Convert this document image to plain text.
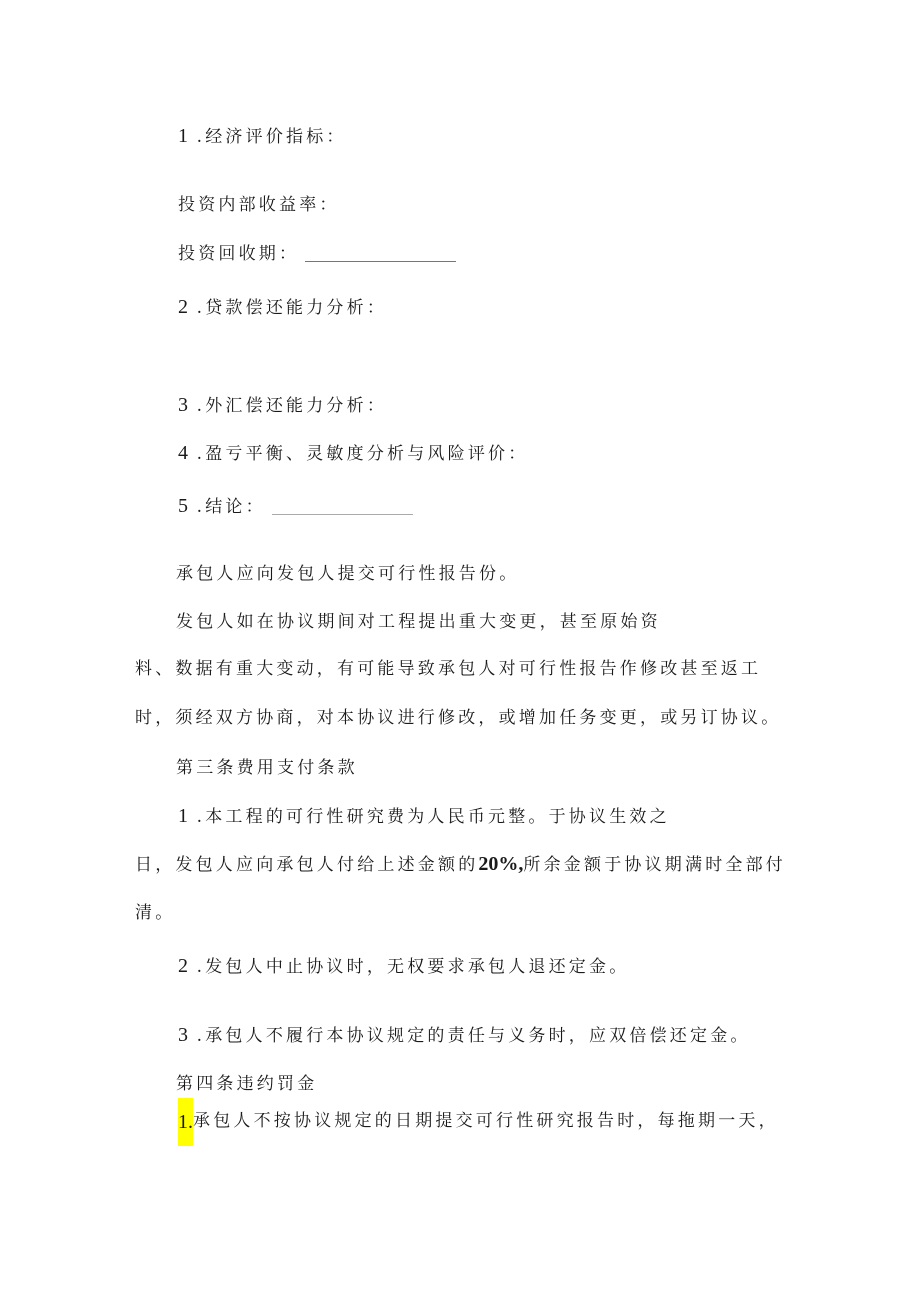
1 .经济评价指标：
投资内部收益率：
投资回收期：
2 .贷款偿还能力分析：
3 .外汇偿还能力分析：
4 .盈亏平衡、灵敏度分析与风险评价：
5 .结论：
承包人应向发包人提交可行性报告份。
发包人如在协议期间对工程提出重大变更，甚至原始资
料、数据有重大变动，有可能导致承包人对可行性报告作修改甚至返工
时，须经双方协商，对本协议进行修改，或增加任务变更，或另订协议。
第三条费用支付条款
1 .本工程的可行性研究费为人民币元整。于协议生效之
日，发包人应向承包人付给上述金额的20%,所余金额于协议期满时全部付
清。
2 .发包人中止协议时，无权要求承包人退还定金。
3 .承包人不履行本协议规定的责任与义务时，应双倍偿还定金。
第四条违约罚金
1.承包人不按协议规定的日期提交可行性研究报告时，每拖期一天，
